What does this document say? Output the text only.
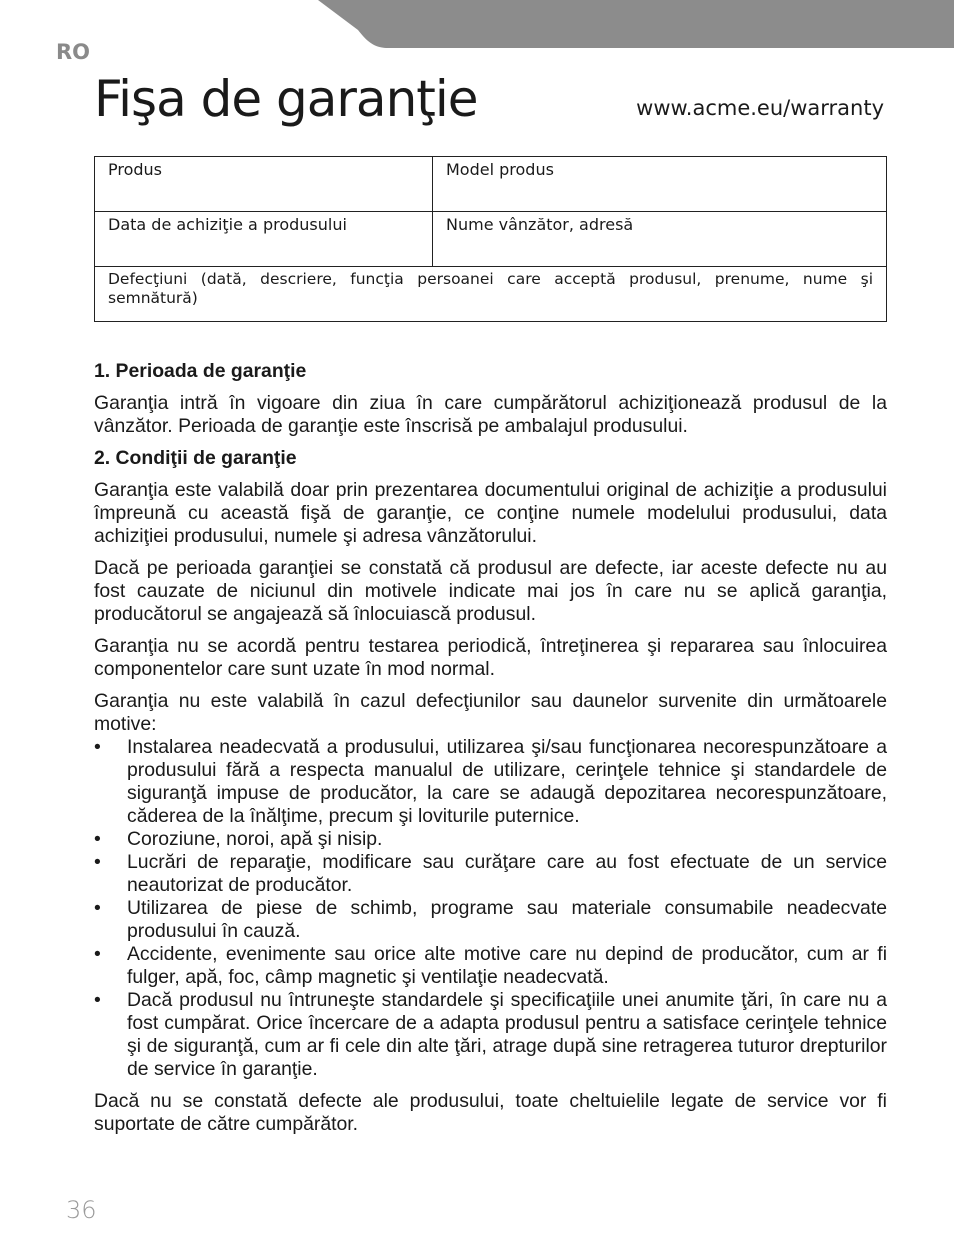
RO
Fişa de garanţie	www.acme.eu/warranty
Produs	Model produs
Data de achiziţie a produsului	Nume vânzător, adresă
Defecţiuni (dată, descriere, funcţia persoanei care acceptă produsul, prenume, nume şi semnătură)	
1. Perioada de garanţie

Garanţia intră în vigoare din ziua în care cumpărătorul achiziţionează produsul de la vânzător. Perioada de garanţie este înscrisă pe ambalajul produsului.

2. Condiţii de garanţie

Garanţia este valabilă doar prin prezentarea documentului original de achiziţie a produsului împreună cu această fişă de garanţie, ce conţine numele modelului produsului, data achiziţiei produsului, numele şi adresa vânzătorului.

Dacă pe perioada garanţiei se constată că produsul are defecte, iar aceste defecte nu au fost cauzate de niciunul din motivele indicate mai jos în care nu se aplică garanţia, producătorul se angajează să înlocuiască produsul.

Garanţia nu se acordă pentru testarea periodică, întreţinerea şi repararea sau înlocuirea componentelor care sunt uzate în mod normal.

Garanţia nu este valabilă în cazul defecţiunilor sau daunelor survenite din următoarele motive:

• Instalarea neadecvată a produsului, utilizarea şi/sau funcţionarea necorespunzătoare a produsului fără a respecta manualul de utilizare, cerinţele tehnice şi standardele de siguranţă impuse de producător, la care se adaugă depozitarea necorespunzătoare, căderea de la înălţime, precum şi loviturile puternice.
• Coroziune, noroi, apă şi nisip.
• Lucrări de reparaţie, modificare sau curăţare care au fost efectuate de un service neautorizat de producător.
• Utilizarea de piese de schimb, programe sau materiale consumabile neadecvate produsului în cauză.
• Accidente, evenimente sau orice alte motive care nu depind de producător, cum ar fi fulger, apă, foc, câmp magnetic şi ventilaţie neadecvată.
• Dacă produsul nu întruneşte standardele şi specificaţiile unei anumite ţări, în care nu a fost cumpărat. Orice încercare de a adapta produsul pentru a satisface cerinţele tehnice şi de siguranţă, cum ar fi cele din alte ţări, atrage după sine retragerea tuturor drepturilor de service în garanţie.

Dacă nu se constată defecte ale produsului, toate cheltuielile legate de service vor fi suportate de către cumpărător.

36
